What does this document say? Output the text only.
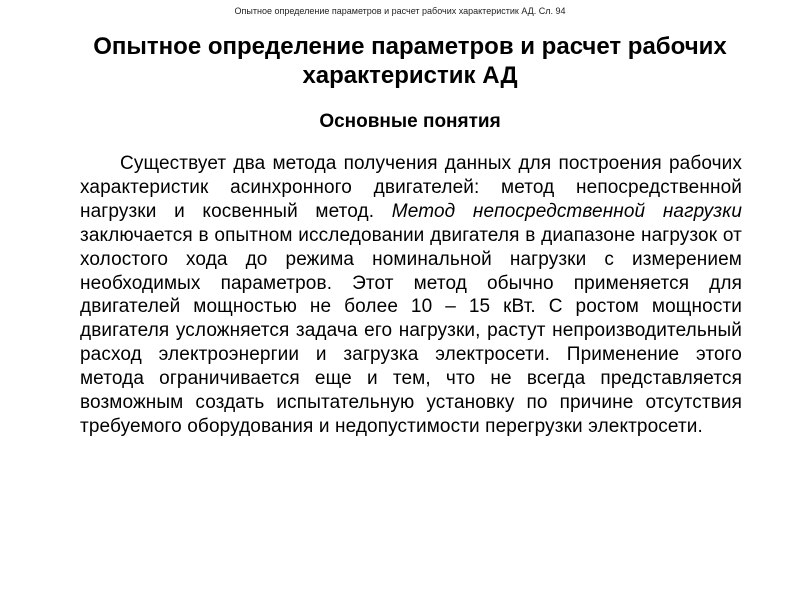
Опытное определение параметров и расчет рабочих характеристик АД. Сл. 94
Опытное определение параметров и расчет рабочих характеристик АД
Основные понятия

Существует два метода получения данных для построения рабочих характеристик асинхронного двигателей: метод непосредственной нагрузки и косвенный метод. Метод непосредственной нагрузки заключается в опытном исследовании двигателя в диапазоне нагрузок от холостого хода до режима номинальной нагрузки с измерением необходимых параметров. Этот метод обычно применяется для двигателей мощностью не более 10 – 15 кВт. С ростом мощности двигателя усложняется задача его нагрузки, растут непроизводительный расход электроэнергии и загрузка электросети. Применение этого метода ограничивается еще и тем, что не всегда представляется возможным создать испытательную установку по причине отсутствия требуемого оборудования и недопустимости перегрузки электросети.
